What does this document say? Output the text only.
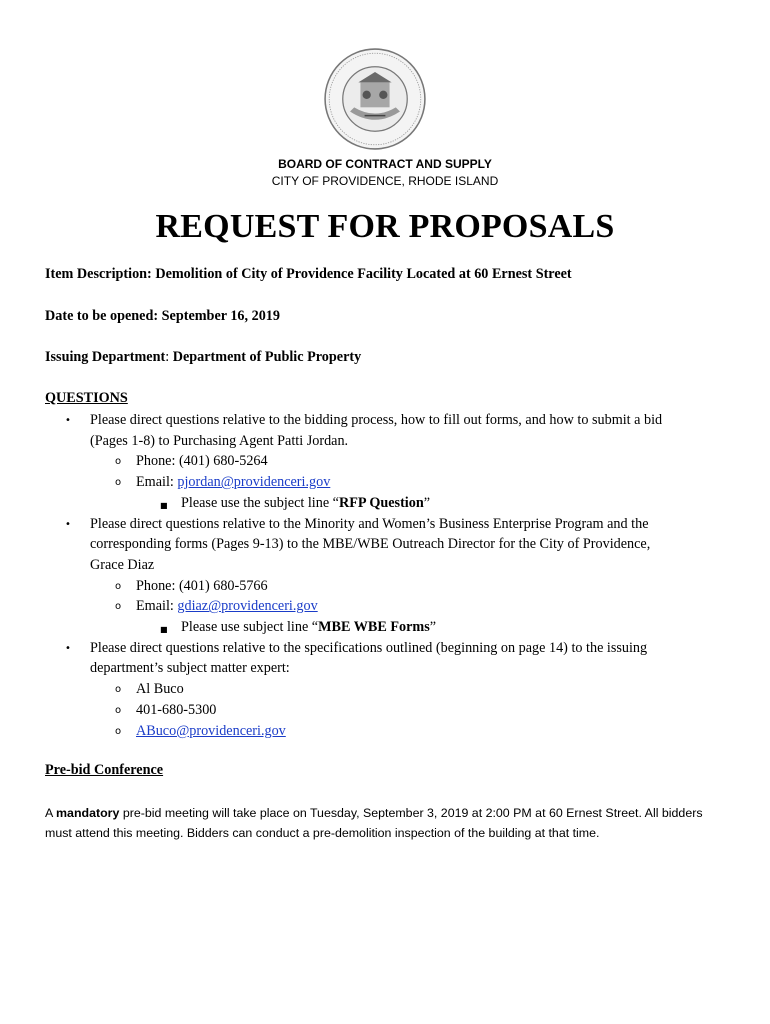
BOARD OF CONTRACT AND SUPPLY
CITY OF PROVIDENCE, RHODE ISLAND
REQUEST FOR PROPOSALS
Item Description: Demolition of City of Providence Facility Located at 60 Ernest Street
Date to be opened: September 16, 2019
Issuing Department: Department of Public Property
QUESTIONS
• Please direct questions relative to the bidding process, how to fill out forms, and how to submit a bid
(Pages 1-8) to Purchasing Agent Patti Jordan.
o Phone: (401) 680-5264
o Email: pjordan@providenceri.gov
■ Please use the subject line “RFP Question”
• Please direct questions relative to the Minority and Women’s Business Enterprise Program and the
corresponding forms (Pages 9-13) to the MBE/WBE Outreach Director for the City of Providence,
Grace Diaz
o Phone: (401) 680-5766
o Email: gdiaz@providenceri.gov
■ Please use subject line “MBE WBE Forms”
• Please direct questions relative to the specifications outlined (beginning on page 14) to the issuing
department’s subject matter expert:
o Al Buco
o 401-680-5300
o ABuco@providenceri.gov
Pre-bid Conference
A mandatory pre-bid meeting will take place on Tuesday, September 3, 2019 at 2:00 PM at 60 Ernest Street. All bidders
must attend this meeting. Bidders can conduct a pre-demolition inspection of the building at that time.
